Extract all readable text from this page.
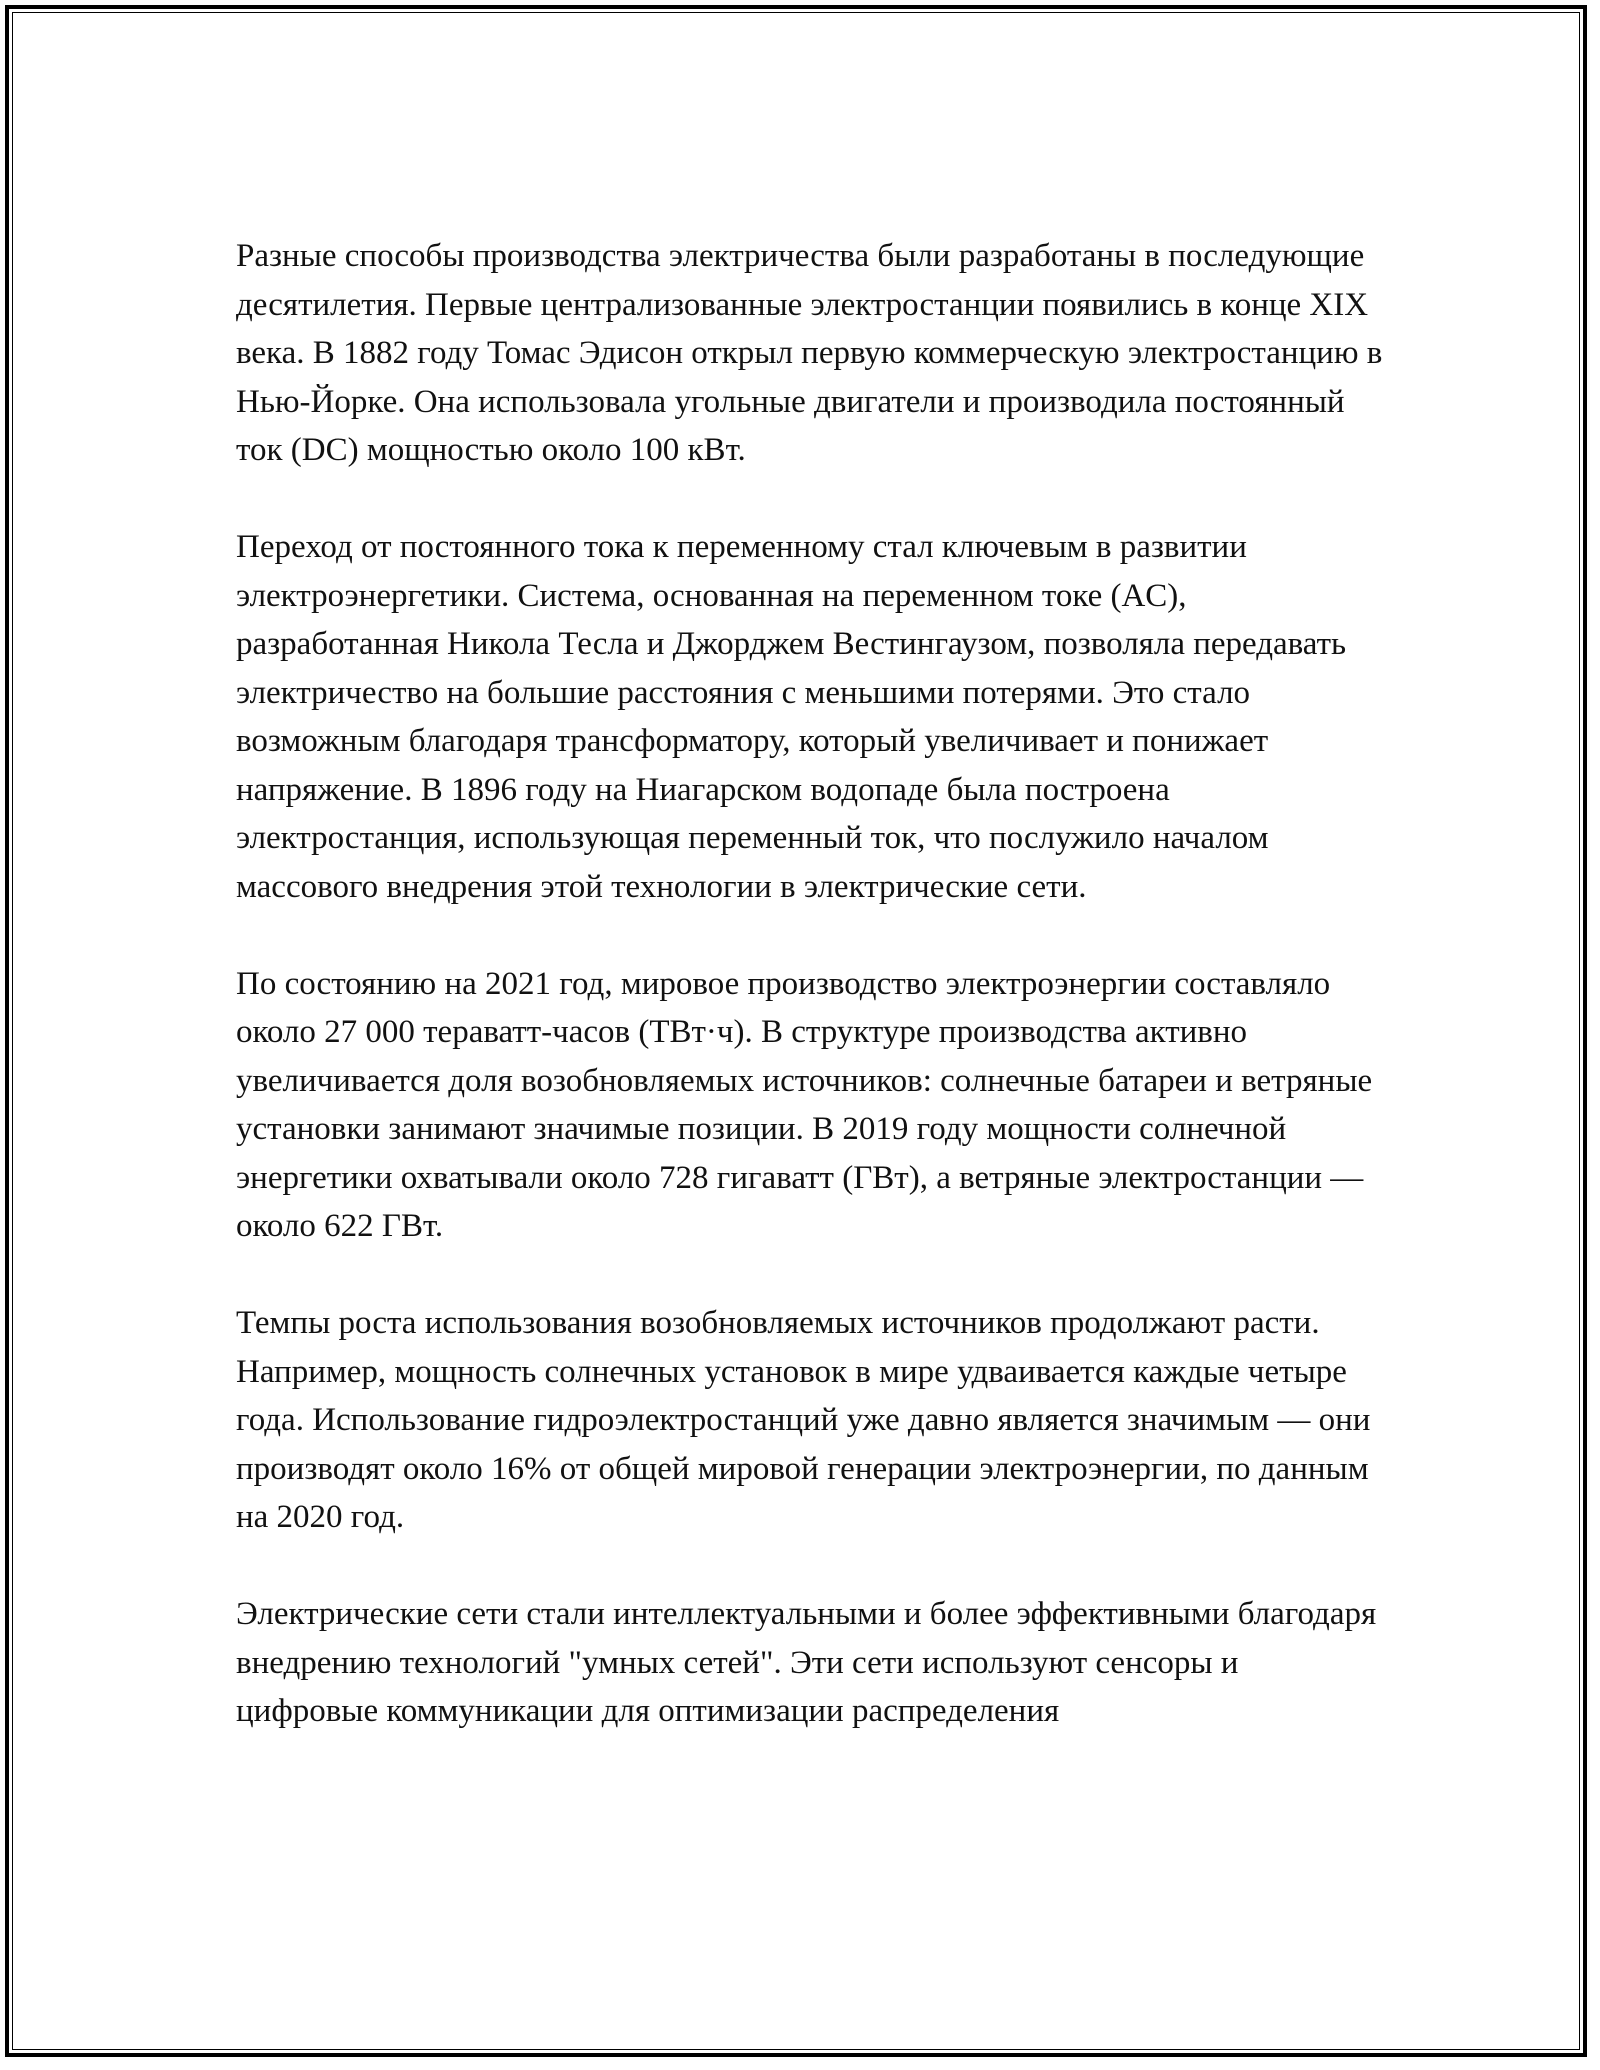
Разные способы производства электричества были разработаны в последующие десятилетия. Первые централизованные электростанции появились в конце XIX века. В 1882 году Томас Эдисон открыл первую коммерческую электростанцию в Нью-Йорке. Она использовала угольные двигатели и производила постоянный ток (DC) мощностью около 100 кВт.

Переход от постоянного тока к переменному стал ключевым в развитии электроэнергетики. Система, основанная на переменном токе (AC), разработанная Никола Тесла и Джорджем Вестингаузом, позволяла передавать электричество на большие расстояния с меньшими потерями. Это стало возможным благодаря трансформатору, который увеличивает и понижает напряжение. В 1896 году на Ниагарском водопаде была построена электростанция, использующая переменный ток, что послужило началом массового внедрения этой технологии в электрические сети.

По состоянию на 2021 год, мировое производство электроэнергии составляло около 27 000 тераватт-часов (ТВт·ч). В структуре производства активно увеличивается доля возобновляемых источников: солнечные батареи и ветряные установки занимают значимые позиции. В 2019 году мощности солнечной энергетики охватывали около 728 гигаватт (ГВт), а ветряные электростанции — около 622 ГВт.

Темпы роста использования возобновляемых источников продолжают расти. Например, мощность солнечных установок в мире удваивается каждые четыре года. Использование гидроэлектростанций уже давно является значимым — они производят около 16% от общей мировой генерации электроэнергии, по данным на 2020 год.

Электрические сети стали интеллектуальными и более эффективными благодаря внедрению технологий "умных сетей". Эти сети используют сенсоры и цифровые коммуникации для оптимизации распределения
